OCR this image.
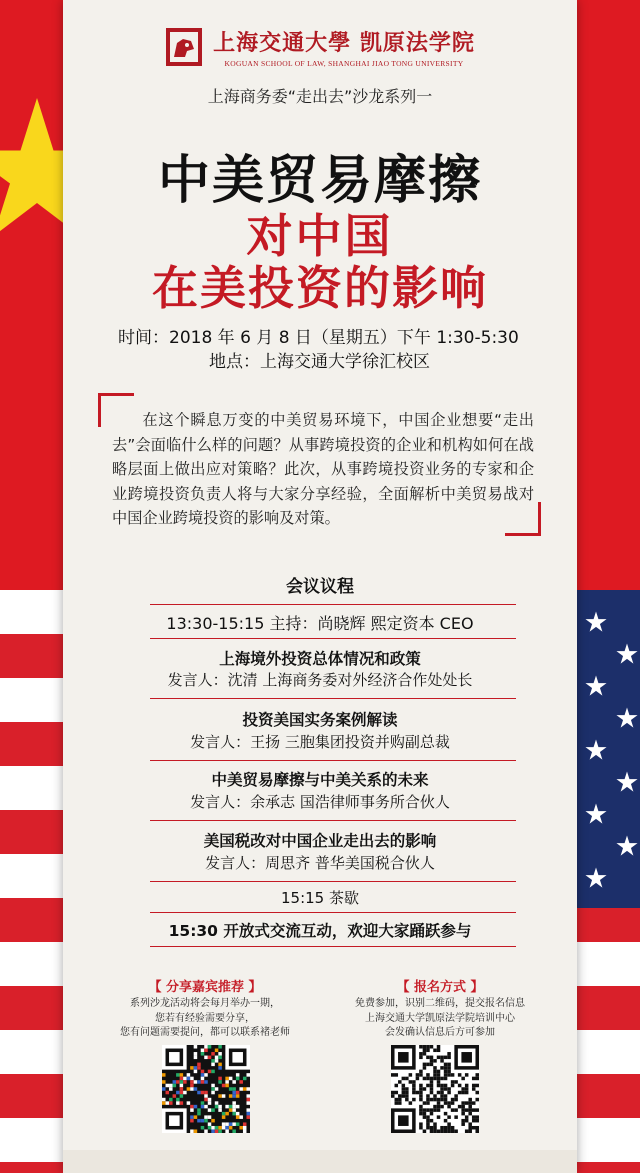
上海交通大學 凯原法学院
KOGUAN SCHOOL OF LAW, SHANGHAI JIAO TONG UNIVERSITY
上海商务委“走出去”沙龙系列一
中美贸易摩擦
对中国
在美投资的影响
时间：2018 年 6 月 8 日（星期五）下午 1:30-5:30
地点：上海交通大学徐汇校区
在这个瞬息万变的中美贸易环境下，中国企业想要“走出去”会面临什么样的问题？从事跨境投资的企业和机构如何在战略层面上做出应对策略？此次，从事跨境投资业务的专家和企业跨境投资负责人将与大家分享经验，全面解析中美贸易战对中国企业跨境投资的影响及对策。
会议议程
13:30-15:15 主持：尚晓辉 熙定资本 CEO
上海境外投资总体情况和政策
发言人：沈清 上海商务委对外经济合作处处长
投资美国实务案例解读
发言人：王扬 三胞集团投资并购副总裁
中美贸易摩擦与中美关系的未来
发言人：余承志 国浩律师事务所合伙人
美国税改对中国企业走出去的影响
发言人：周思齐 普华美国税合伙人
15:15 茶歇
15:30 开放式交流互动，欢迎大家踊跃参与
【 分享嘉宾推荐 】
系列沙龙活动将会每月举办一期，
您若有经验需要分享，
您有问题需要提问，都可以联系褚老师
【 报名方式 】
免费参加，识别二维码，提交报名信息
上海交通大学凯原法学院培训中心
会发确认信息后方可参加
